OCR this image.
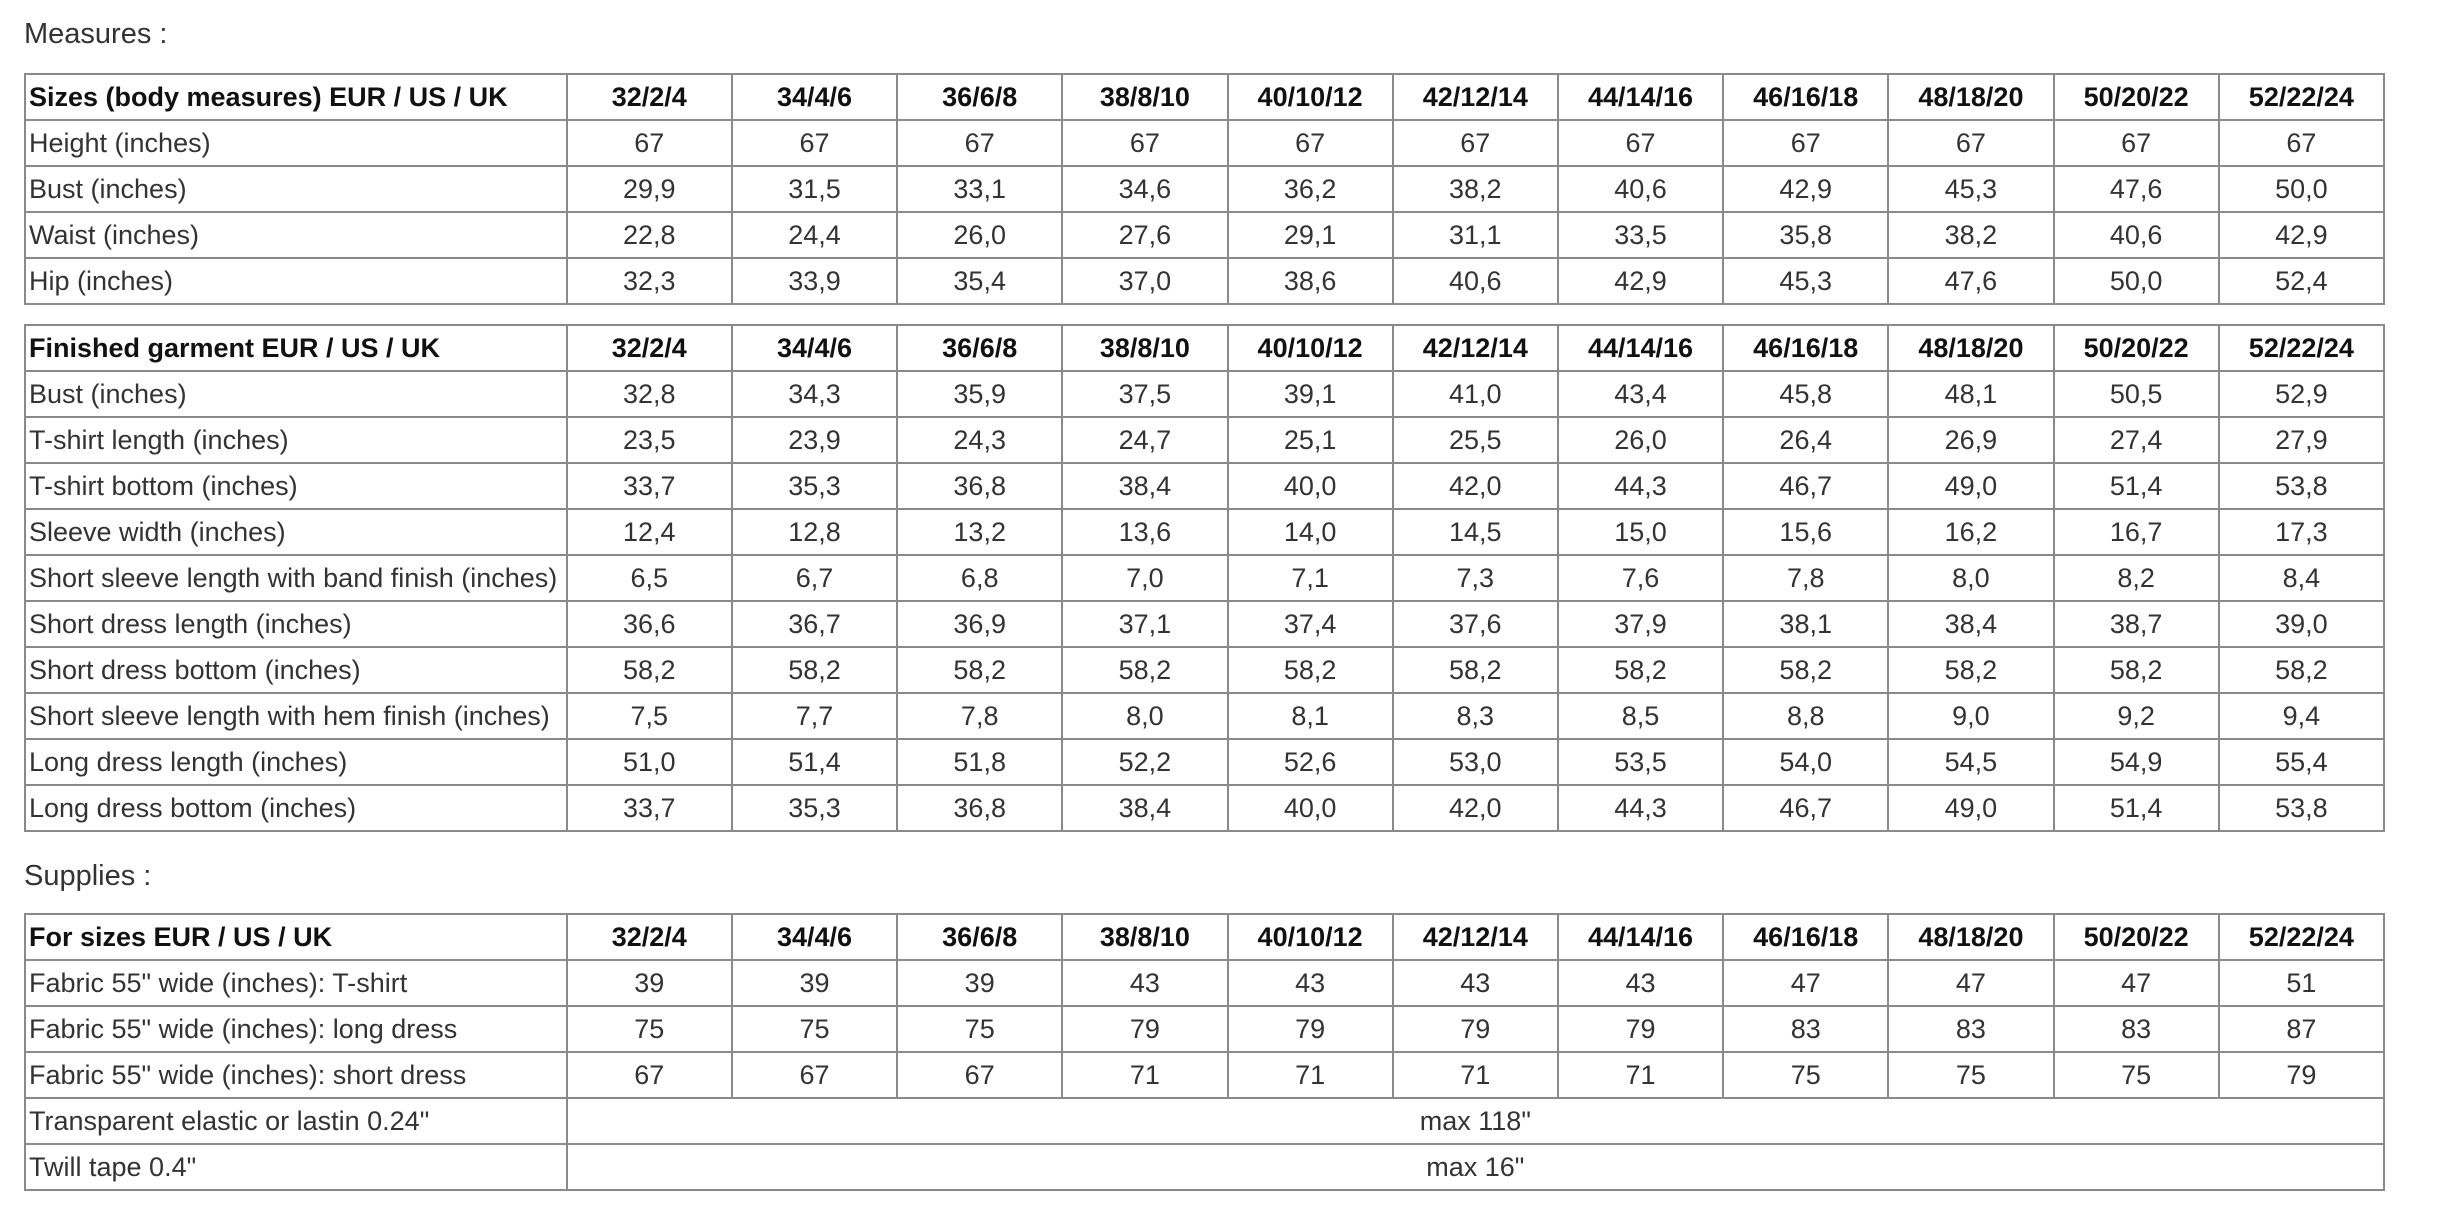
Measures :
Sizes (body measures) EUR / US / UK	32/2/4	34/4/6	36/6/8	38/8/10	40/10/12	42/12/14	44/14/16	46/16/18	48/18/20	50/20/22	52/22/24
Height (inches)	67	67	67	67	67	67	67	67	67	67	67
Bust (inches)	29,9	31,5	33,1	34,6	36,2	38,2	40,6	42,9	45,3	47,6	50,0
Waist (inches)	22,8	24,4	26,0	27,6	29,1	31,1	33,5	35,8	38,2	40,6	42,9
Hip (inches)	32,3	33,9	35,4	37,0	38,6	40,6	42,9	45,3	47,6	50,0	52,4
Finished garment EUR / US / UK	32/2/4	34/4/6	36/6/8	38/8/10	40/10/12	42/12/14	44/14/16	46/16/18	48/18/20	50/20/22	52/22/24
Bust (inches)	32,8	34,3	35,9	37,5	39,1	41,0	43,4	45,8	48,1	50,5	52,9
T-shirt length (inches)	23,5	23,9	24,3	24,7	25,1	25,5	26,0	26,4	26,9	27,4	27,9
T-shirt bottom (inches)	33,7	35,3	36,8	38,4	40,0	42,0	44,3	46,7	49,0	51,4	53,8
Sleeve width (inches)	12,4	12,8	13,2	13,6	14,0	14,5	15,0	15,6	16,2	16,7	17,3
Short sleeve length with band finish (inches)	6,5	6,7	6,8	7,0	7,1	7,3	7,6	7,8	8,0	8,2	8,4
Short dress length (inches)	36,6	36,7	36,9	37,1	37,4	37,6	37,9	38,1	38,4	38,7	39,0
Short dress bottom (inches)	58,2	58,2	58,2	58,2	58,2	58,2	58,2	58,2	58,2	58,2	58,2
Short sleeve length with hem finish (inches)	7,5	7,7	7,8	8,0	8,1	8,3	8,5	8,8	9,0	9,2	9,4
Long dress length (inches)	51,0	51,4	51,8	52,2	52,6	53,0	53,5	54,0	54,5	54,9	55,4
Long dress bottom (inches)	33,7	35,3	36,8	38,4	40,0	42,0	44,3	46,7	49,0	51,4	53,8
Supplies :
For sizes EUR / US / UK	32/2/4	34/4/6	36/6/8	38/8/10	40/10/12	42/12/14	44/14/16	46/16/18	48/18/20	50/20/22	52/22/24
Fabric 55" wide (inches): T-shirt	39	39	39	43	43	43	43	47	47	47	51
Fabric 55" wide (inches): long dress	75	75	75	79	79	79	79	83	83	83	87
Fabric 55" wide (inches): short dress	67	67	67	71	71	71	71	75	75	75	79
Transparent elastic or lastin 0.24"	max 118"										
Twill tape 0.4"	max 16"										
